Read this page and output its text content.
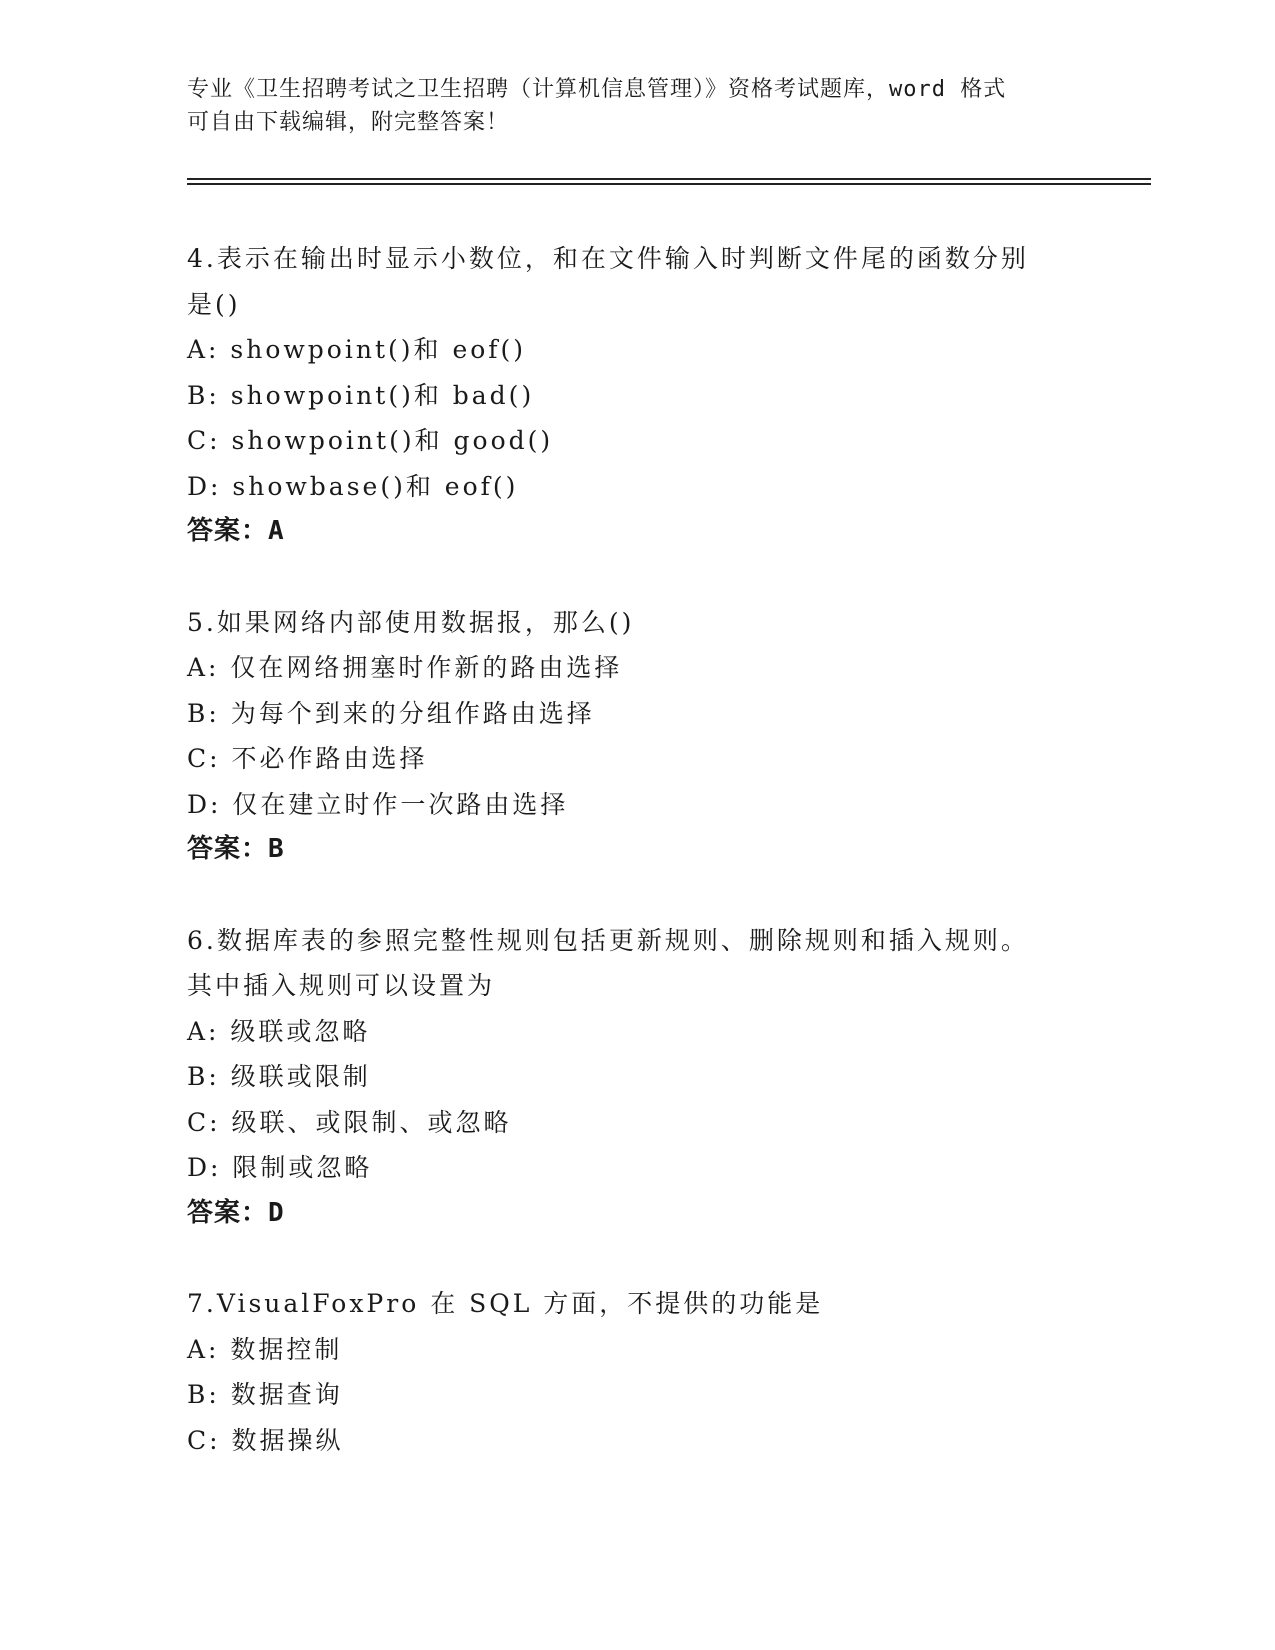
专业《卫生招聘考试之卫生招聘（计算机信息管理）》资格考试题库，word 格式
可自由下载编辑，附完整答案！
4.表示在输出时显示小数位，和在文件输入时判断文件尾的函数分别
是()
A: showpoint()和 eof()
B: showpoint()和 bad()
C: showpoint()和 good()
D: showbase()和 eof()
答案：A
5.如果网络内部使用数据报，那么()
A: 仅在网络拥塞时作新的路由选择
B: 为每个到来的分组作路由选择
C: 不必作路由选择
D: 仅在建立时作一次路由选择
答案：B
6.数据库表的参照完整性规则包括更新规则、删除规则和插入规则。
其中插入规则可以设置为
A: 级联或忽略
B: 级联或限制
C: 级联、或限制、或忽略
D: 限制或忽略
答案：D
7.VisualFoxPro 在 SQL 方面，不提供的功能是
A: 数据控制
B: 数据查询
C: 数据操纵
